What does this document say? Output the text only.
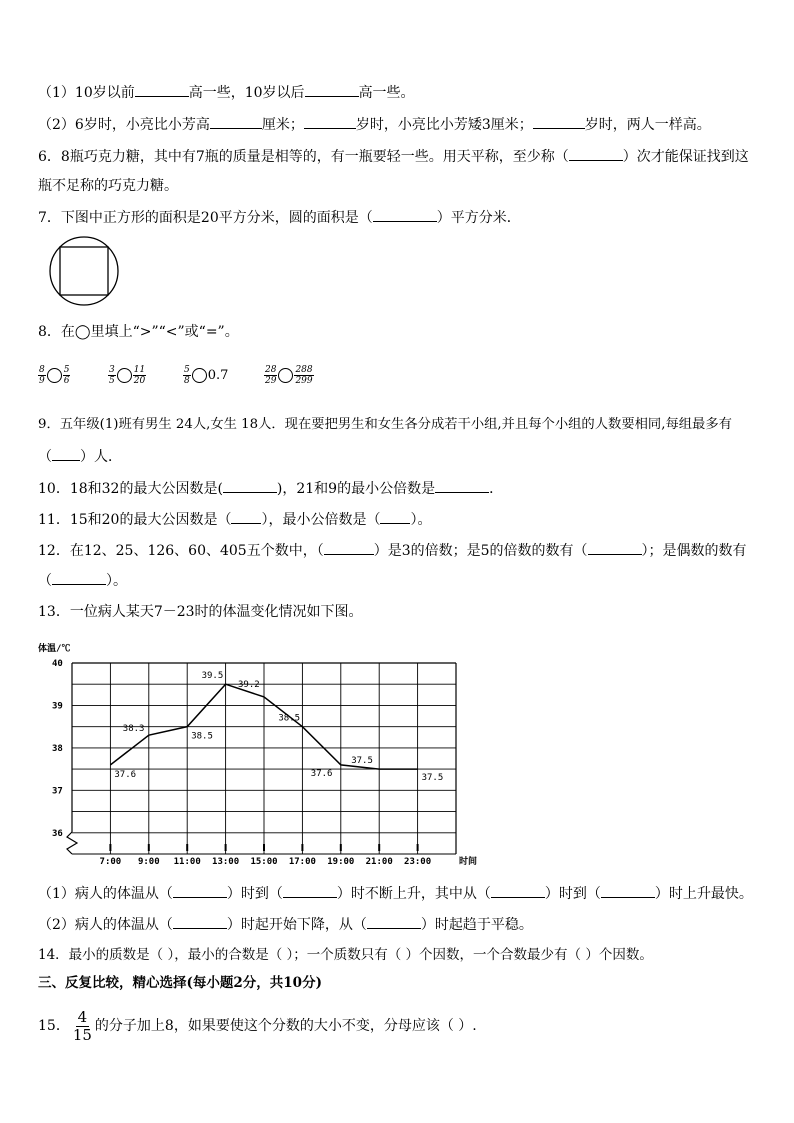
（1）10岁以前	高一些，10岁以后	高一些。
（2）6岁时，小亮比小芳高	厘米；	岁时，小亮比小芳矮3厘米；	岁时，两人一样高。
6．8瓶巧克力糖，其中有7瓶的质量是相等的，有一瓶要轻一些。用天平称，至少称（	）次才能保证找到这
瓶不足称的巧克力糖。
7．下图中正方形的面积是20平方分米，圆的面积是（	）平方分米．
8．在◯里填上“>”“<”或“=”。
$\frac{8}{9} \frac{5}{6}$	$\frac{3}{5} \frac{11}{20}$	$\frac{5}{8} 0.7$	$\frac{28}{29} \frac{288}{299}$
9．五年级(1)班有男生 24人,女生 18人．现在要把男生和女生各分成若干小组,并且每个小组的人数要相同,每组最多有
（ ）人．
10．18和32的最大公因数是(	)，21和9的最小公倍数是	．
11．15和20的最大公因数是（ ），最小公倍数是（ ）。
12．在12、25、126、60、405五个数中，（	）是3的倍数；是5的倍数的数有（	）；是偶数的数有
（	）。
13．一位病人某天7－23时的体温变化情况如下图。
体温/℃
36
37
38
39
40
7:00 9:00 11:00 13:00 15:00 17:00 19:00 21:00 23:00	时间
37.6
38.3
38.5
39.5
39.2
38.5
37.6
37.5
37.5
（1）病人的体温从（	）时到（	）时不断上升，其中从（	）时到（	）时上升最快。
（2）病人的体温从（	）时起开始下降，从（	）时起趋于平稳。
14．最小的质数是（ ），最小的合数是（ ）；一个质数只有（ ）个因数，一个合数最少有（ ）个因数。
三、反复比较，精心选择(每小题2分，共10分)
15． $\frac{4}{15}$ 的分子加上8，如果要使这个分数的大小不变，分母应该（ ）.
